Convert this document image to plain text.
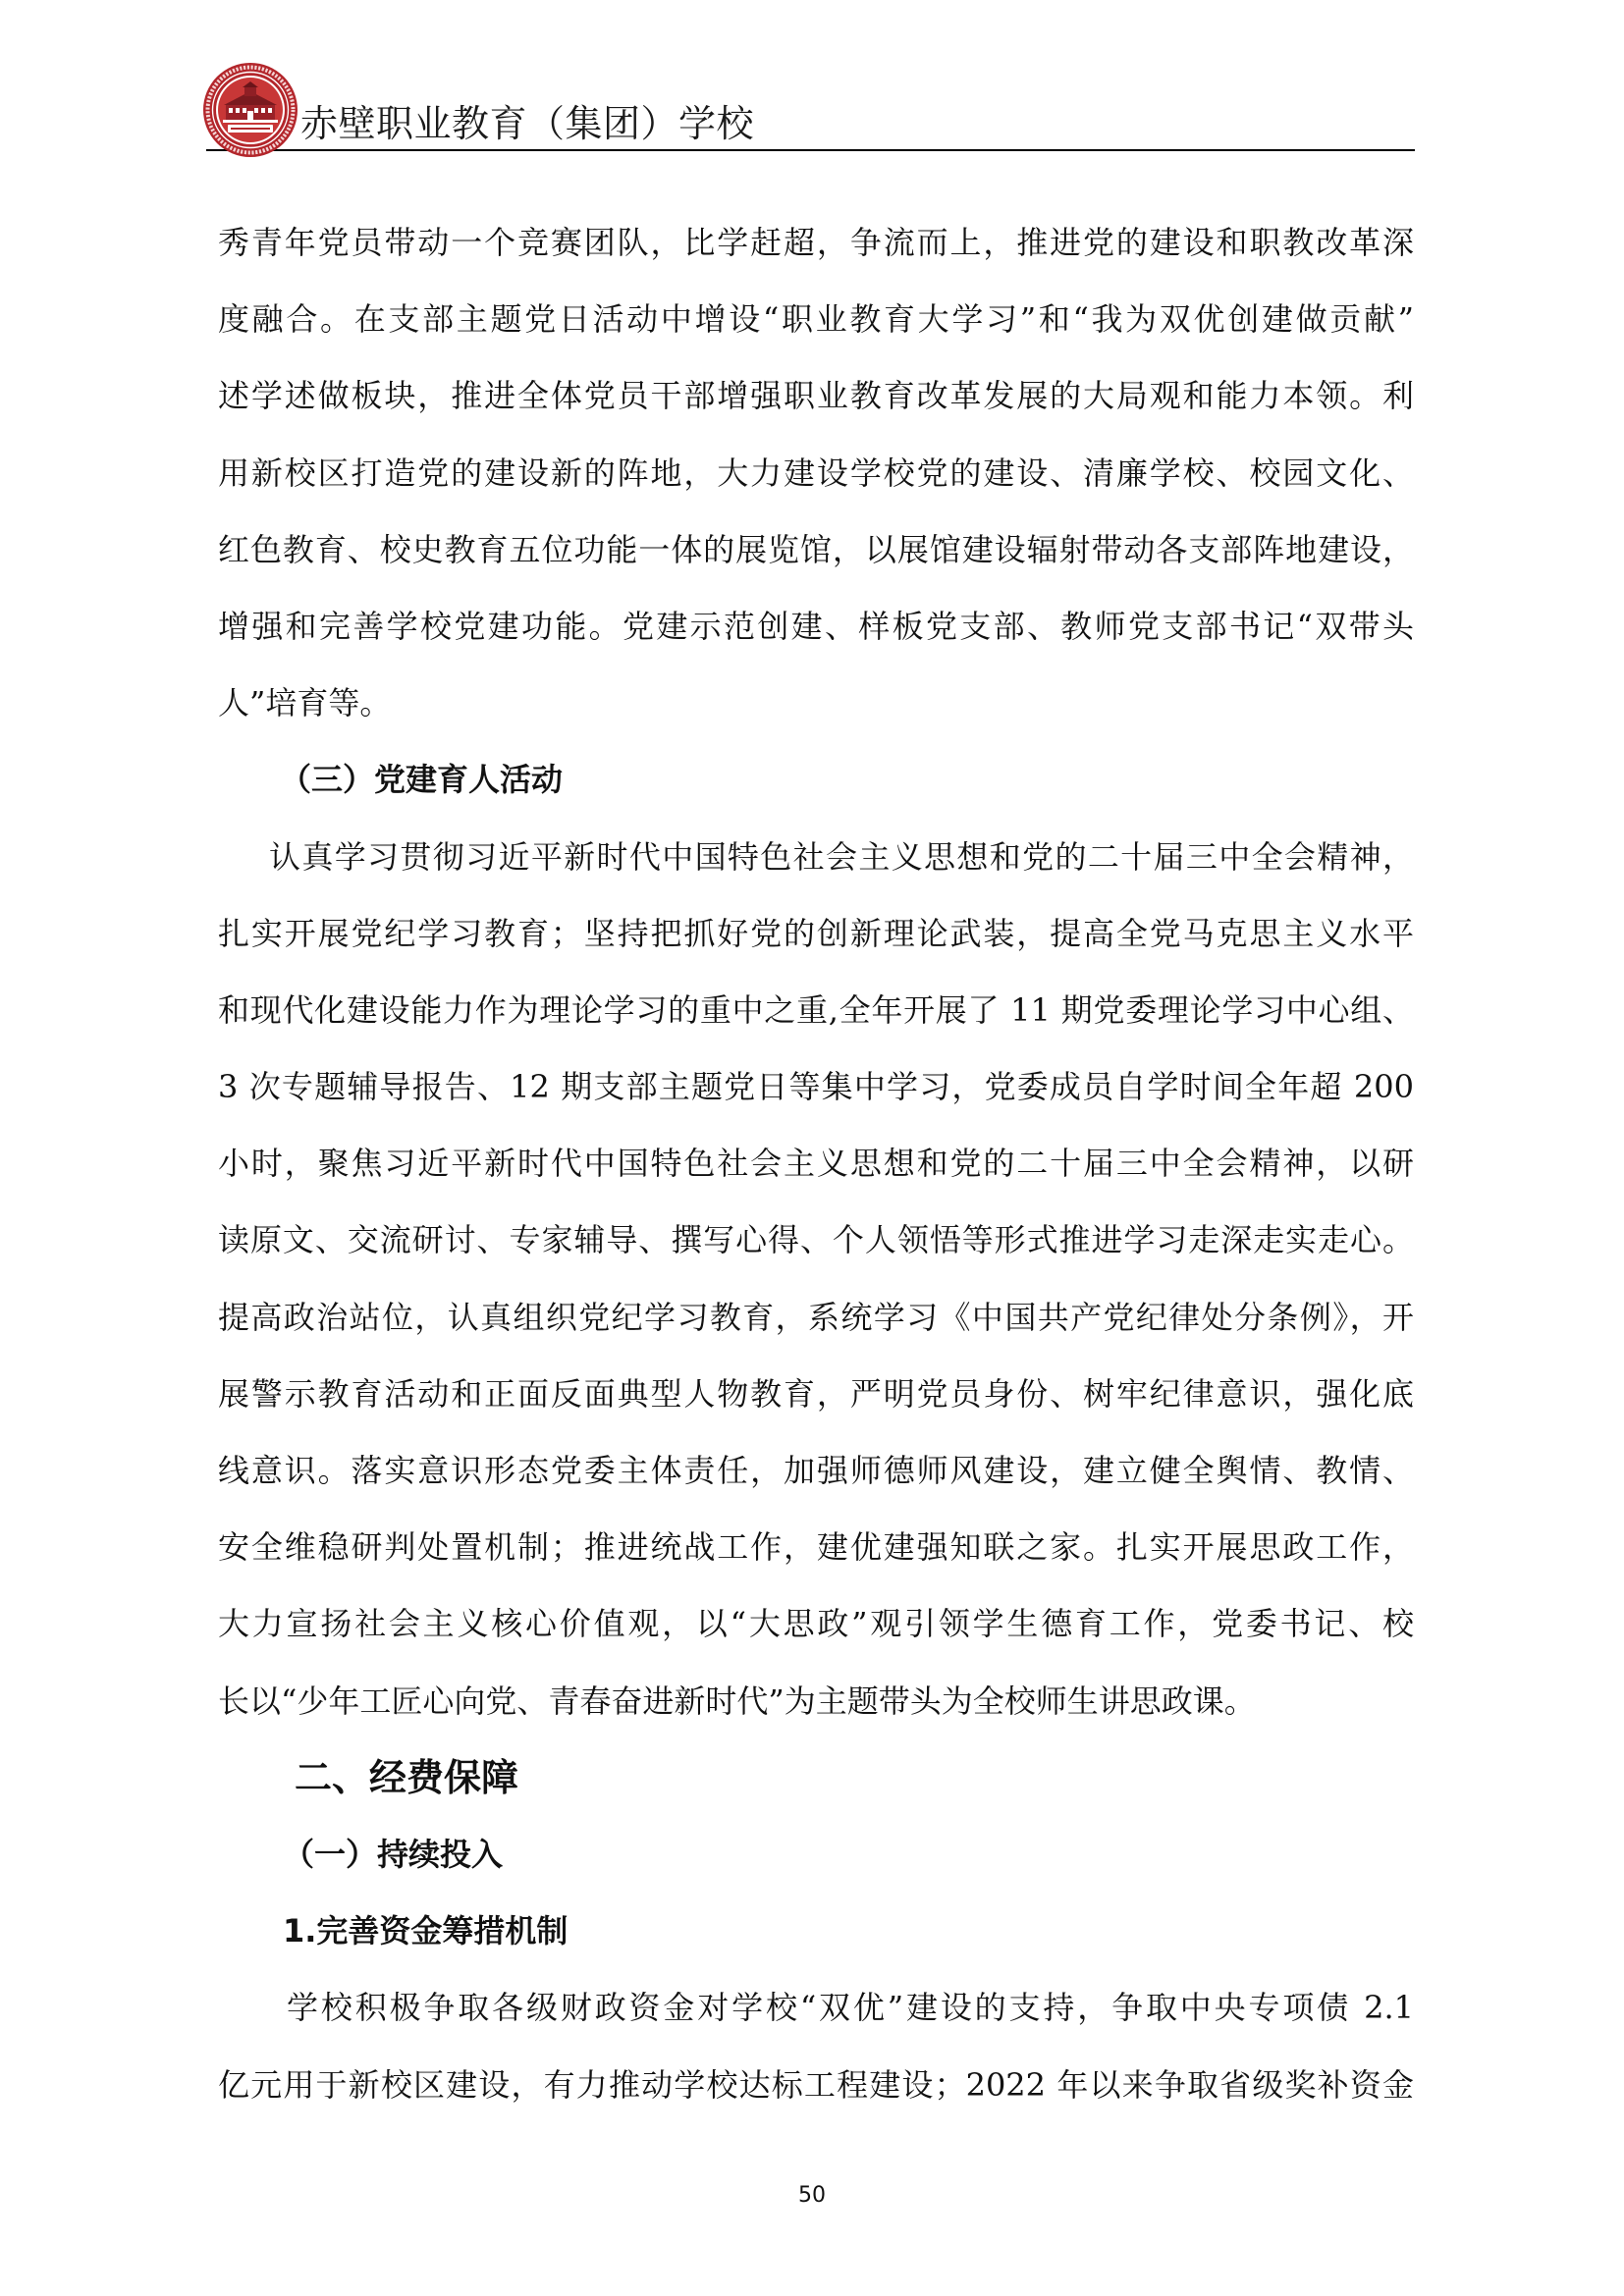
赤壁职业教育（集团）学校
秀青年党员带动一个竞赛团队，比学赶超，争流而上，推进党的建设和职教改革深
度融合。在支部主题党日活动中增设“职业教育大学习”和“我为双优创建做贡献”
述学述做板块，推进全体党员干部增强职业教育改革发展的大局观和能力本领。利
用新校区打造党的建设新的阵地，大力建设学校党的建设、清廉学校、校园文化、
红色教育、校史教育五位功能一体的展览馆，以展馆建设辐射带动各支部阵地建设，
增强和完善学校党建功能。党建示范创建、样板党支部、教师党支部书记“双带头
人”培育等。
（三）党建育人活动
认真学习贯彻习近平新时代中国特色社会主义思想和党的二十届三中全会精神，
扎实开展党纪学习教育；坚持把抓好党的创新理论武装，提高全党马克思主义水平
和现代化建设能力作为理论学习的重中之重,全年开展了 11 期党委理论学习中心组、
3 次专题辅导报告、12 期支部主题党日等集中学习，党委成员自学时间全年超 200
小时，聚焦习近平新时代中国特色社会主义思想和党的二十届三中全会精神，以研
读原文、交流研讨、专家辅导、撰写心得、个人领悟等形式推进学习走深走实走心。
提高政治站位，认真组织党纪学习教育，系统学习《中国共产党纪律处分条例》，开
展警示教育活动和正面反面典型人物教育，严明党员身份、树牢纪律意识，强化底
线意识。落实意识形态党委主体责任，加强师德师风建设，建立健全舆情、教情、
安全维稳研判处置机制；推进统战工作，建优建强知联之家。扎实开展思政工作，
大力宣扬社会主义核心价值观，以“大思政”观引领学生德育工作，党委书记、校
长以“少年工匠心向党、青春奋进新时代”为主题带头为全校师生讲思政课。
二、经费保障
（一）持续投入
1.完善资金筹措机制
学校积极争取各级财政资金对学校“双优”建设的支持，争取中央专项债 2.1
亿元用于新校区建设，有力推动学校达标工程建设；2022 年以来争取省级奖补资金
50
